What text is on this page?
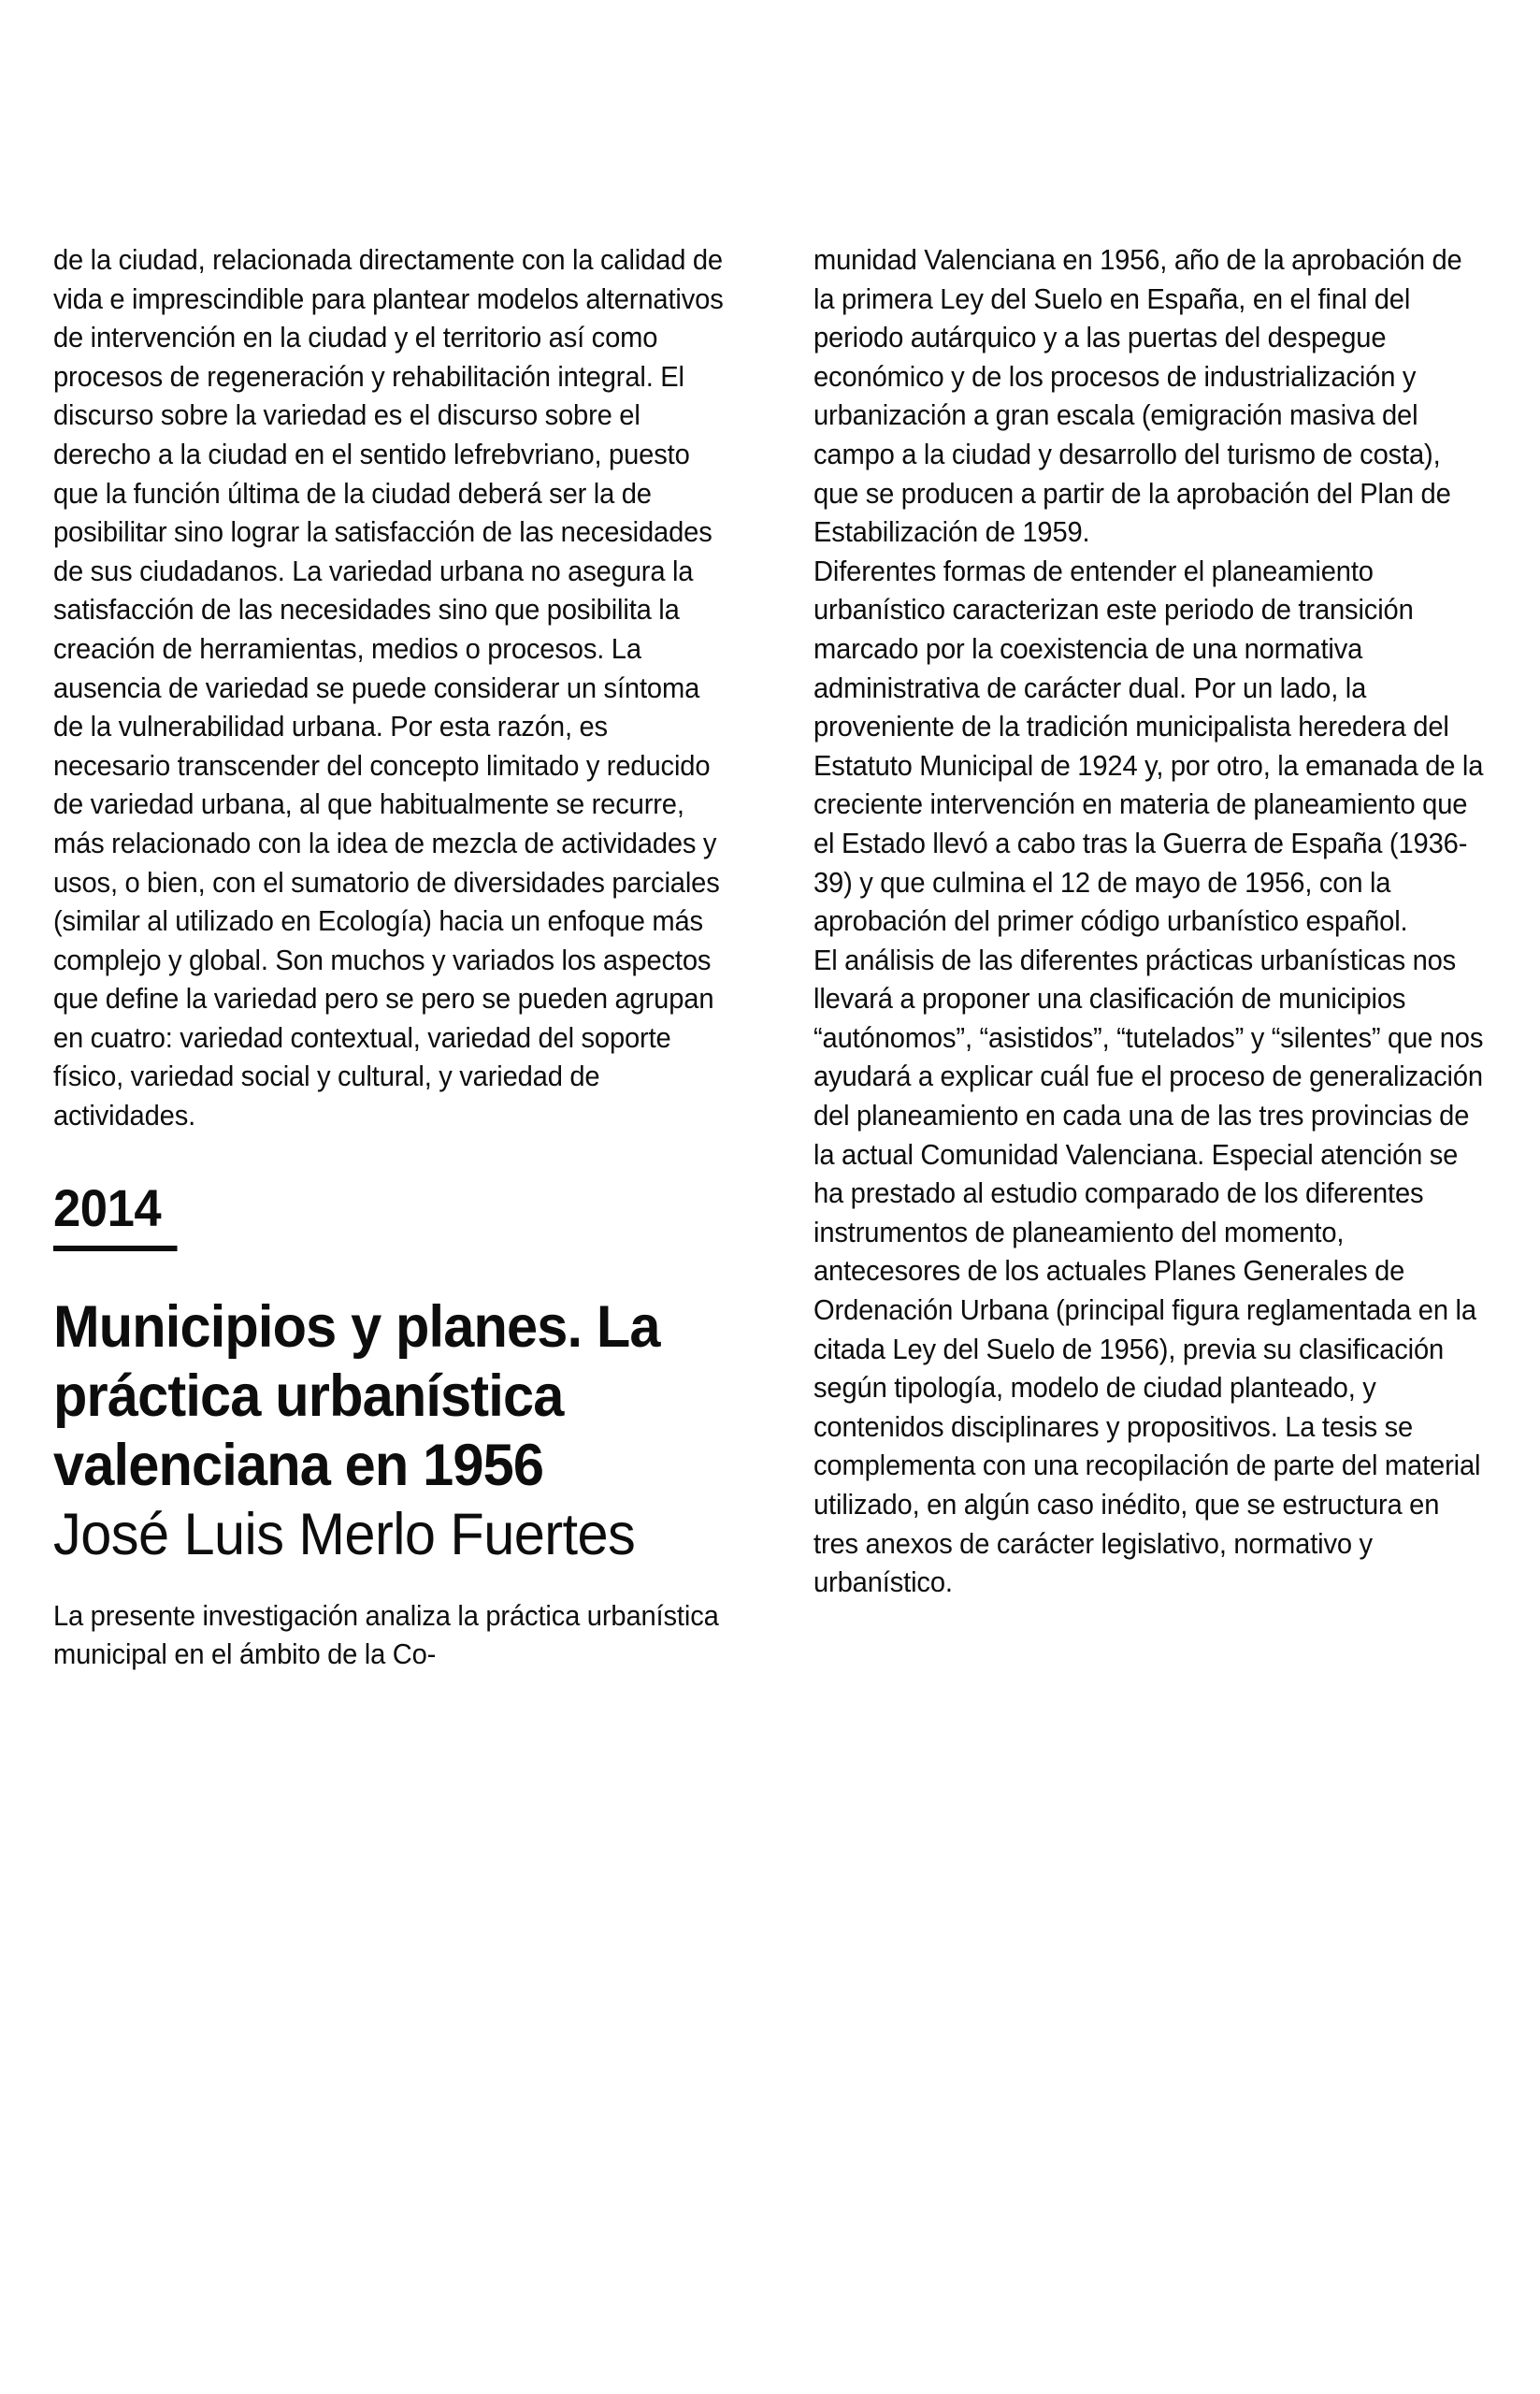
de la ciudad, relacionada directamente con la calidad de vida e imprescindible para plantear modelos alternativos de intervención en la ciudad y el territorio así como procesos de regeneración y rehabilitación integral. El discurso sobre la variedad es el discurso sobre el derecho a la ciudad en el sentido lefrebvriano, puesto que la función última de la ciudad deberá ser la de posibilitar sino lograr la satisfacción de las necesidades de sus ciudadanos. La variedad urbana no asegura la satisfacción de las necesidades sino que posibilita la creación de herramientas, medios o procesos. La ausencia de variedad se puede considerar un síntoma de la vulnerabilidad urbana. Por esta razón, es necesario transcender del concepto limitado y reducido de variedad urbana, al que habitualmente se recurre, más relacionado con la idea de mezcla de actividades y usos, o bien, con el sumatorio de diversidades parciales (similar al utilizado en Ecología) hacia un enfoque más complejo y global. Son muchos y variados los aspectos que define la variedad pero se pero se pueden agrupan en cuatro: variedad contextual, variedad del soporte físico, variedad social y cultural, y variedad de actividades.

2014
Municipios y planes. La práctica urbanística valenciana en 1956
José Luis Merlo Fuertes

La presente investigación analiza la práctica urbanística municipal en el ámbito de la Co-

munidad Valenciana en 1956, año de la aprobación de la primera Ley del Suelo en España, en el final del periodo autárquico y a las puertas del despegue económico y de los procesos de industrialización y urbanización a gran escala (emigración masiva del campo a la ciudad y desarrollo del turismo de costa), que se producen a partir de la aprobación del Plan de Estabilización de 1959.

Diferentes formas de entender el planeamiento urbanístico caracterizan este periodo de transición marcado por la coexistencia de una normativa administrativa de carácter dual. Por un lado, la proveniente de la tradición municipalista heredera del Estatuto Municipal de 1924 y, por otro, la emanada de la creciente intervención en materia de planeamiento que el Estado llevó a cabo tras la Guerra de España (1936-39) y que culmina el 12 de mayo de 1956, con la aprobación del primer código urbanístico español.

El análisis de las diferentes prácticas urbanísticas nos llevará a proponer una clasificación de municipios “autónomos”, “asistidos”, “tutelados” y “silentes” que nos ayudará a explicar cuál fue el proceso de generalización del planeamiento en cada una de las tres provincias de la actual Comunidad Valenciana. Especial atención se ha prestado al estudio comparado de los diferentes instrumentos de planeamiento del momento, antecesores de los actuales Planes Generales de Ordenación Urbana (principal figura reglamentada en la citada Ley del Suelo de 1956), previa su clasificación según tipología, modelo de ciudad planteado, y contenidos disciplinares y propositivos. La tesis se complementa con una recopilación de parte del material utilizado, en algún caso inédito, que se estructura en tres anexos de carácter legislativo, normativo y urbanístico.
